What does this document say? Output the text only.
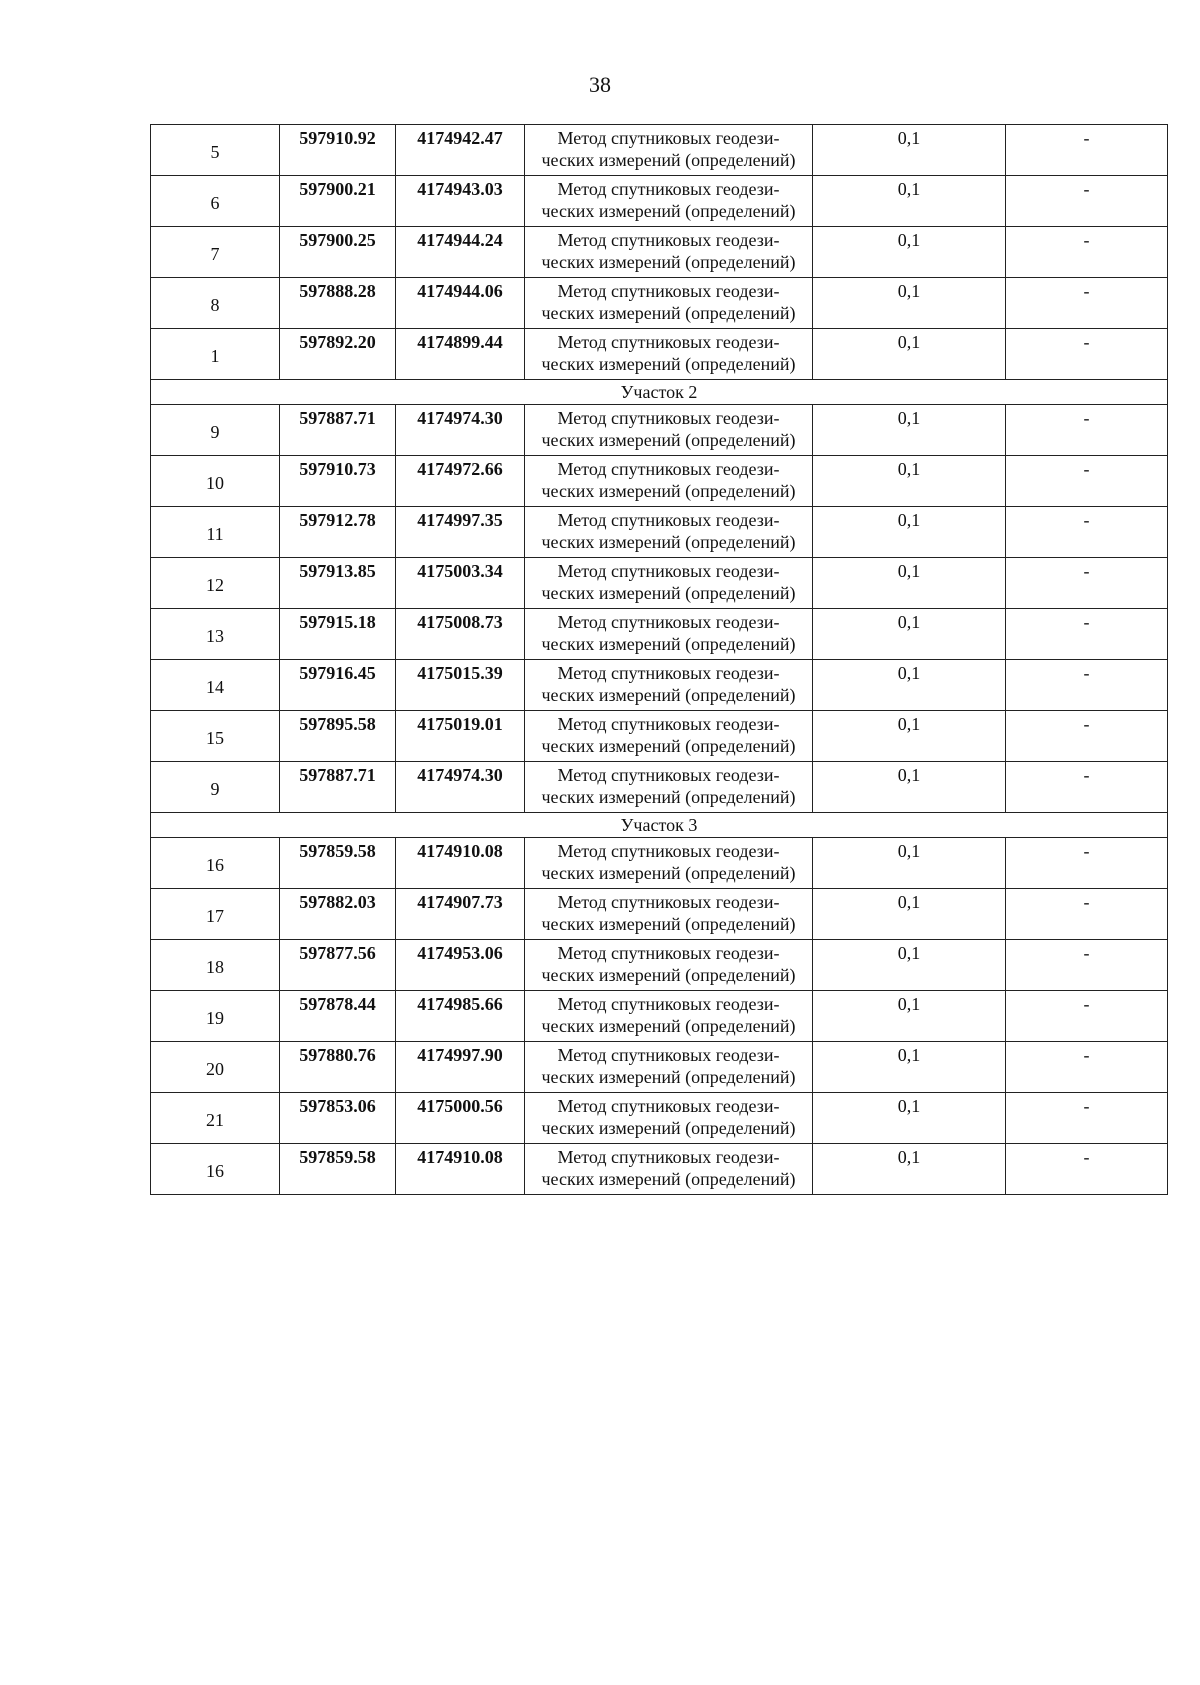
38
5	597910.92	4174942.47	Метод спутниковых геодези-
ческих измерений (определений)	0,1	-
6	597900.21	4174943.03	Метод спутниковых геодези-
ческих измерений (определений)	0,1	-
7	597900.25	4174944.24	Метод спутниковых геодези-
ческих измерений (определений)	0,1	-
8	597888.28	4174944.06	Метод спутниковых геодези-
ческих измерений (определений)	0,1	-
1	597892.20	4174899.44	Метод спутниковых геодези-
ческих измерений (определений)	0,1	-
Участок 2					
9	597887.71	4174974.30	Метод спутниковых геодези-
ческих измерений (определений)	0,1	-
10	597910.73	4174972.66	Метод спутниковых геодези-
ческих измерений (определений)	0,1	-
11	597912.78	4174997.35	Метод спутниковых геодези-
ческих измерений (определений)	0,1	-
12	597913.85	4175003.34	Метод спутниковых геодези-
ческих измерений (определений)	0,1	-
13	597915.18	4175008.73	Метод спутниковых геодези-
ческих измерений (определений)	0,1	-
14	597916.45	4175015.39	Метод спутниковых геодези-
ческих измерений (определений)	0,1	-
15	597895.58	4175019.01	Метод спутниковых геодези-
ческих измерений (определений)	0,1	-
9	597887.71	4174974.30	Метод спутниковых геодези-
ческих измерений (определений)	0,1	-
Участок 3					
16	597859.58	4174910.08	Метод спутниковых геодези-
ческих измерений (определений)	0,1	-
17	597882.03	4174907.73	Метод спутниковых геодези-
ческих измерений (определений)	0,1	-
18	597877.56	4174953.06	Метод спутниковых геодези-
ческих измерений (определений)	0,1	-
19	597878.44	4174985.66	Метод спутниковых геодези-
ческих измерений (определений)	0,1	-
20	597880.76	4174997.90	Метод спутниковых геодези-
ческих измерений (определений)	0,1	-
21	597853.06	4175000.56	Метод спутниковых геодези-
ческих измерений (определений)	0,1	-
16	597859.58	4174910.08	Метод спутниковых геодези-
ческих измерений (определений)	0,1	-
